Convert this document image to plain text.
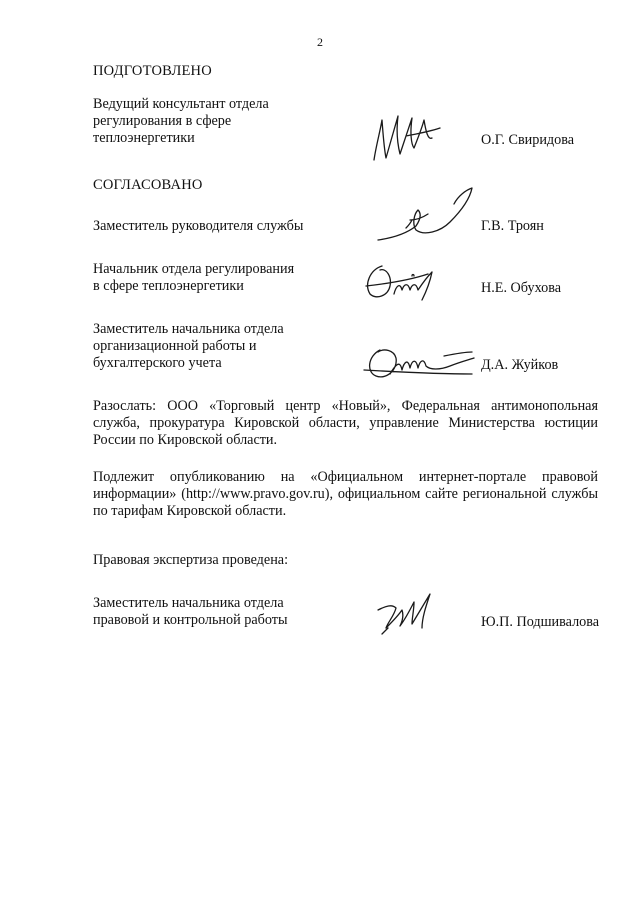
2
ПОДГОТОВЛЕНО
Ведущий консультант отдела
регулирования в сфере
теплоэнергетики	О.Г. Свиридова
СОГЛАСОВАНО
Заместитель руководителя службы	Г.В. Троян
Начальник отдела регулирования
в сфере теплоэнергетики	Н.Е. Обухова
Заместитель начальника отдела
организационной работы и
бухгалтерского учета	Д.А. Жуйков
Разослать: ООО «Торговый центр «Новый», Федеральная антимонопольная служба, прокуратура Кировской области, управление Министерства юстиции России по Кировской области.
Подлежит опубликованию на «Официальном интернет-портале правовой информации» (http://www.pravo.gov.ru), официальном сайте региональной службы по тарифам Кировской области.
Правовая экспертиза проведена:
Заместитель начальника отдела
правовой и контрольной работы	Ю.П. Подшивалова
